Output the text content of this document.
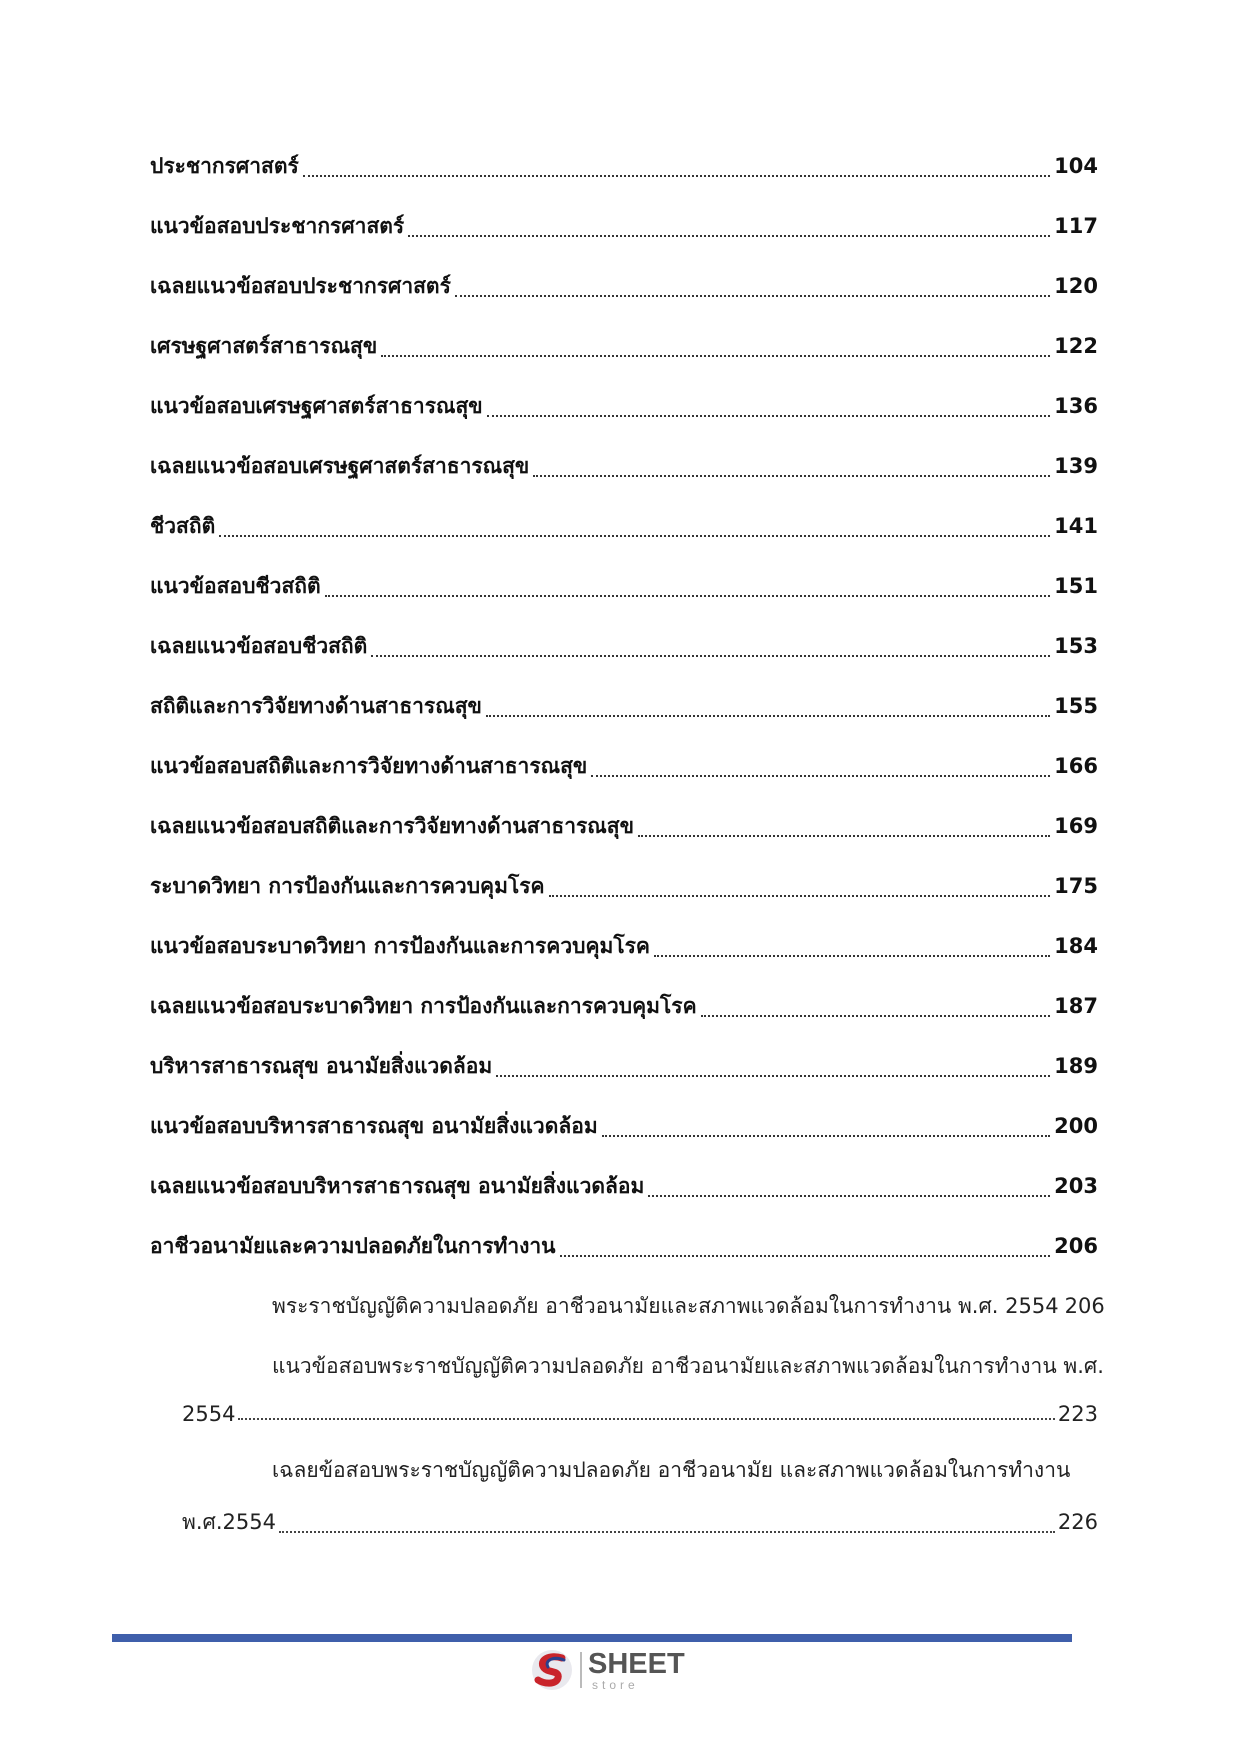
ประชากรศาสตร์	104
แนวข้อสอบประชากรศาสตร์	117
เฉลยแนวข้อสอบประชากรศาสตร์	120
เศรษฐศาสตร์สาธารณสุข	122
แนวข้อสอบเศรษฐศาสตร์สาธารณสุข	136
เฉลยแนวข้อสอบเศรษฐศาสตร์สาธารณสุข	139
ชีวสถิติ	141
แนวข้อสอบชีวสถิติ	151
เฉลยแนวข้อสอบชีวสถิติ	153
สถิติและการวิจัยทางด้านสาธารณสุข	155
แนวข้อสอบสถิติและการวิจัยทางด้านสาธารณสุข	166
เฉลยแนวข้อสอบสถิติและการวิจัยทางด้านสาธารณสุข	169
ระบาดวิทยา การป้องกันและการควบคุมโรค	175
แนวข้อสอบระบาดวิทยา การป้องกันและการควบคุมโรค	184
เฉลยแนวข้อสอบระบาดวิทยา การป้องกันและการควบคุมโรค	187
บริหารสาธารณสุข อนามัยสิ่งแวดล้อม	189
แนวข้อสอบบริหารสาธารณสุข อนามัยสิ่งแวดล้อม	200
เฉลยแนวข้อสอบบริหารสาธารณสุข อนามัยสิ่งแวดล้อม	203
อาชีวอนามัยและความปลอดภัยในการทำงาน	206
พระราชบัญญัติความปลอดภัย อาชีวอนามัยและสภาพแวดล้อมในการทำงาน พ.ศ. 2554 206
แนวข้อสอบพระราชบัญญัติความปลอดภัย อาชีวอนามัยและสภาพแวดล้อมในการทำงาน พ.ศ.
2554	223
เฉลยข้อสอบพระราชบัญญัติความปลอดภัย อาชีวอนามัย และสภาพแวดล้อมในการทำงาน
พ.ศ.2554	226
SHEET
store
